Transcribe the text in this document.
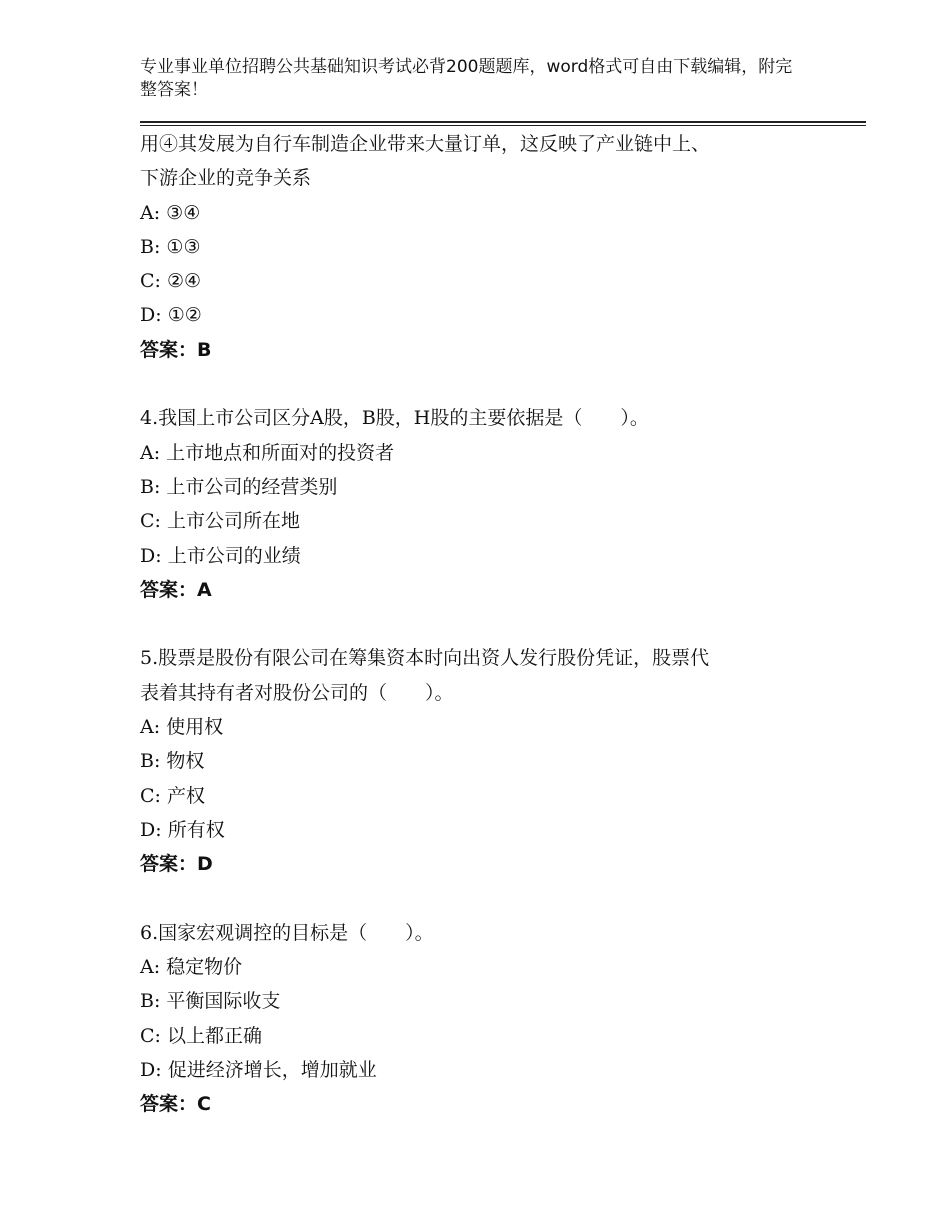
专业事业单位招聘公共基础知识考试必背200题题库，word格式可自由下载编辑，附完整答案！
用④其发展为自行车制造企业带来大量订单，这反映了产业链中上、
下游企业的竞争关系
A: ③④
B: ①③
C: ②④
D: ①②
答案：B
4.我国上市公司区分A股，B股，H股的主要依据是（　　）。
A: 上市地点和所面对的投资者
B: 上市公司的经营类别
C: 上市公司所在地
D: 上市公司的业绩
答案：A
5.股票是股份有限公司在筹集资本时向出资人发行股份凭证，股票代
表着其持有者对股份公司的（　　）。
A: 使用权
B: 物权
C: 产权
D: 所有权
答案：D
6.国家宏观调控的目标是（　　）。
A: 稳定物价
B: 平衡国际收支
C: 以上都正确
D: 促进经济增长，增加就业
答案：C
